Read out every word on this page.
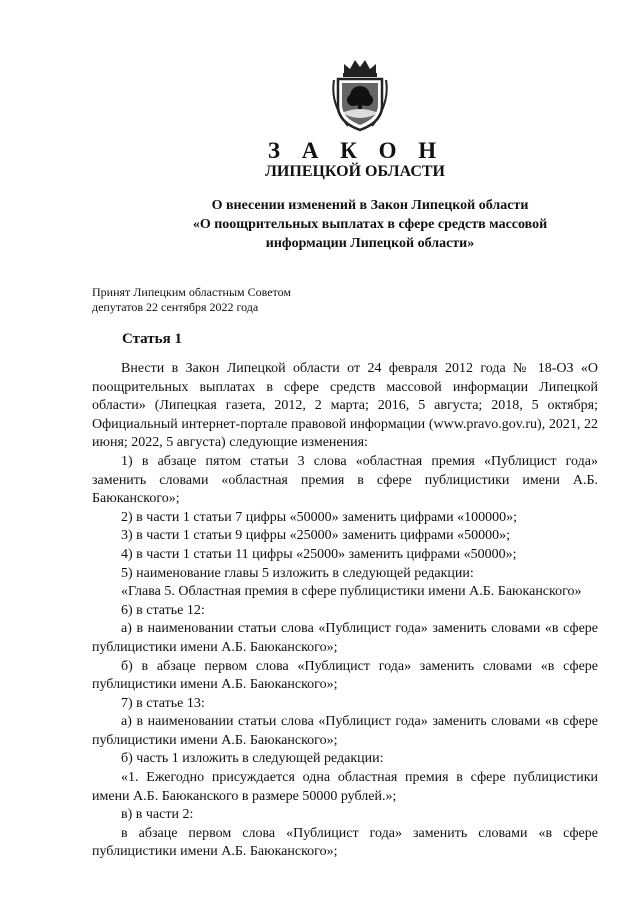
З А К О Н
ЛИПЕЦКОЙ ОБЛАСТИ
О внесении изменений в Закон Липецкой области
«О поощрительных выплатах в сфере средств массовой
информации Липецкой области»
Принят Липецким областным Советом
депутатов 22 сентября 2022 года
Статья 1

Внести в Закон Липецкой области от 24 февраля 2012 года № 18-ОЗ «О поощрительных выплатах в сфере средств массовой информации Липецкой области» (Липецкая газета, 2012, 2 марта; 2016, 5 августа; 2018, 5 октября; Официальный интернет-портале правовой информации (www.pravo.gov.ru), 2021, 22 июня; 2022, 5 августа) следующие изменения:

1) в абзаце пятом статьи 3 слова «областная премия «Публицист года» заменить словами «областная премия в сфере публицистики имени А.Б. Баюканского»;

2) в части 1 статьи 7 цифры «50000» заменить цифрами «100000»;

3) в части 1 статьи 9 цифры «25000» заменить цифрами «50000»;

4) в части 1 статьи 11 цифры «25000» заменить цифрами «50000»;

5) наименование главы 5 изложить в следующей редакции:

«Глава 5. Областная премия в сфере публицистики имени А.Б. Баюканского»

6) в статье 12:

а) в наименовании статьи слова «Публицист года» заменить словами «в сфере публицистики имени А.Б. Баюканского»;

б) в абзаце первом слова «Публицист года» заменить словами «в сфере публицистики имени А.Б. Баюканского»;

7) в статье 13:

а) в наименовании статьи слова «Публицист года» заменить словами «в сфере публицистики имени А.Б. Баюканского»;

б) часть 1 изложить в следующей редакции:

«1. Ежегодно присуждается одна областная премия в сфере публицистики имени А.Б. Баюканского в размере 50000 рублей.»;

в) в части 2:

в абзаце первом слова «Публицист года» заменить словами «в сфере публицистики имени А.Б. Баюканского»;
